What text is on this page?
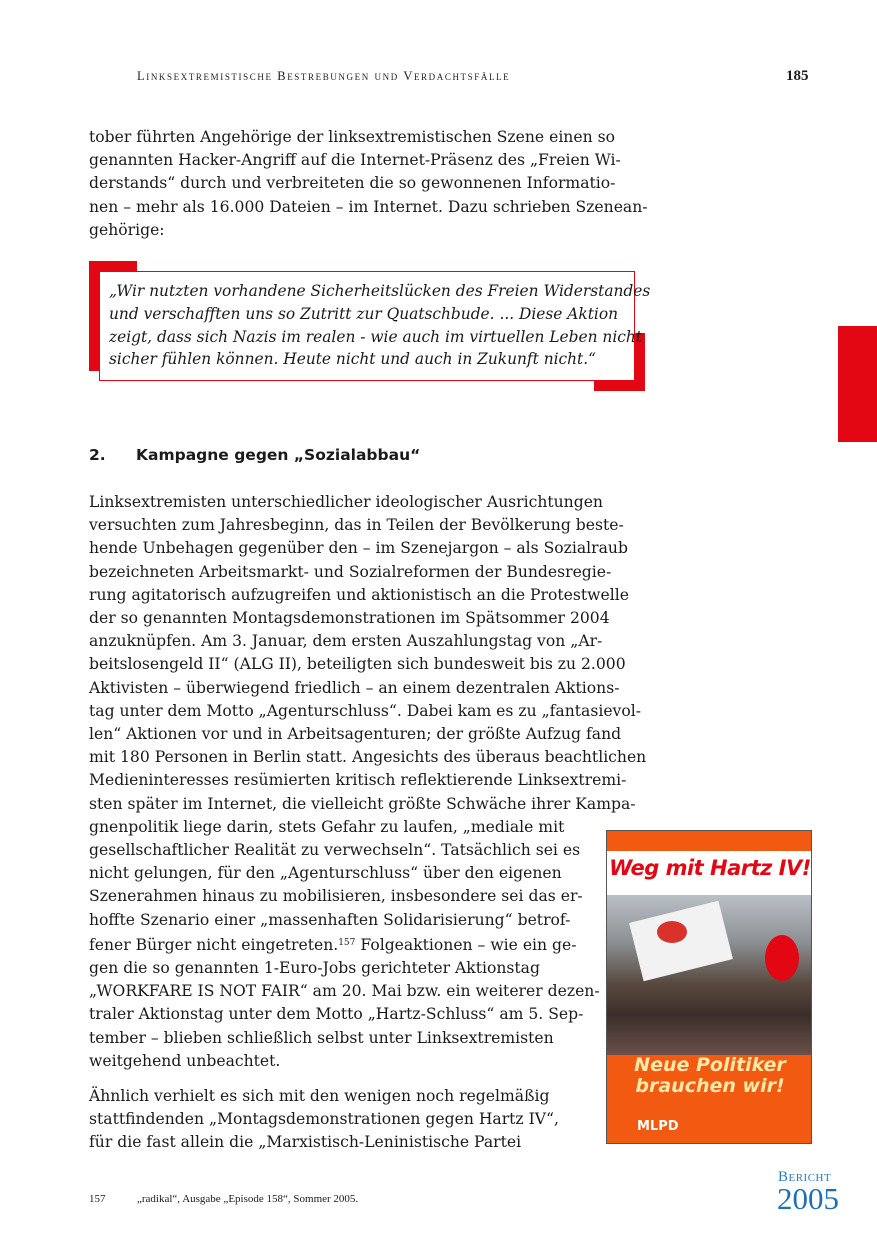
Linksextremistische Bestrebungen und Verdachtsfälle	185
tober führten Angehörige der linksextremistischen Szene einen so
genannten Hacker-Angriff auf die Internet-Präsenz des „Freien Wi-
derstands“ durch und verbreiteten die so gewonnenen Informatio-
nen – mehr als 16.000 Dateien – im Internet. Dazu schrieben Szenean-
gehörige:
„Wir nutzten vorhandene Sicherheitslücken des Freien Widerstandes
und verschafften uns so Zutritt zur Quatschbude. ... Diese Aktion
zeigt, dass sich Nazis im realen - wie auch im virtuellen Leben nicht
sicher fühlen können. Heute nicht und auch in Zukunft nicht.“
2. Kampagne gegen „Sozialabbau“
Linksextremisten unterschiedlicher ideologischer Ausrichtungen
versuchten zum Jahresbeginn, das in Teilen der Bevölkerung beste-
hende Unbehagen gegenüber den – im Szenejargon – als Sozialraub
bezeichneten Arbeitsmarkt- und Sozialreformen der Bundesregie-
rung agitatorisch aufzugreifen und aktionistisch an die Protestwelle
der so genannten Montagsdemonstrationen im Spätsommer 2004
anzuknüpfen. Am 3. Januar, dem ersten Auszahlungstag von „Ar-
beitslosengeld II“ (ALG II), beteiligten sich bundesweit bis zu 2.000
Aktivisten – überwiegend friedlich – an einem dezentralen Aktions-
tag unter dem Motto „Agenturschluss“. Dabei kam es zu „fantasievol-
len“ Aktionen vor und in Arbeitsagenturen; der größte Aufzug fand
mit 180 Personen in Berlin statt. Angesichts des überaus beachtlichen
Medieninteresses resümierten kritisch reflektierende Linksextremi-
sten später im Internet, die vielleicht größte Schwäche ihrer Kampa-
gnenpolitik liege darin, stets Gefahr zu laufen, „mediale mit
gesellschaftlicher Realität zu verwechseln“. Tatsächlich sei es
nicht gelungen, für den „Agenturschluss“ über den eigenen
Szenerahmen hinaus zu mobilisieren, insbesondere sei das er-
hoffte Szenario einer „massenhaften Solidarisierung“ betrof-
fener Bürger nicht eingetreten.$^{157}$ Folgeaktionen – wie ein ge-
gen die so genannten 1-Euro-Jobs gerichteter Aktionstag
„WORKFARE IS NOT FAIR“ am 20. Mai bzw. ein weiterer dezen-
traler Aktionstag unter dem Motto „Hartz-Schluss“ am 5. Sep-
tember – blieben schließlich selbst unter Linksextremisten
weitgehend unbeachtet.
Ähnlich verhielt es sich mit den wenigen noch regelmäßig
stattfindenden „Montagsdemonstrationen gegen Hartz IV“,
für die fast allein die „Marxistisch-Leninistische Partei
Weg mit Hartz IV!
Neue Politiker
brauchen wir!
MLPD
157	„radikal“, Ausgabe „Episode 158“, Sommer 2005.
Bericht
2005
